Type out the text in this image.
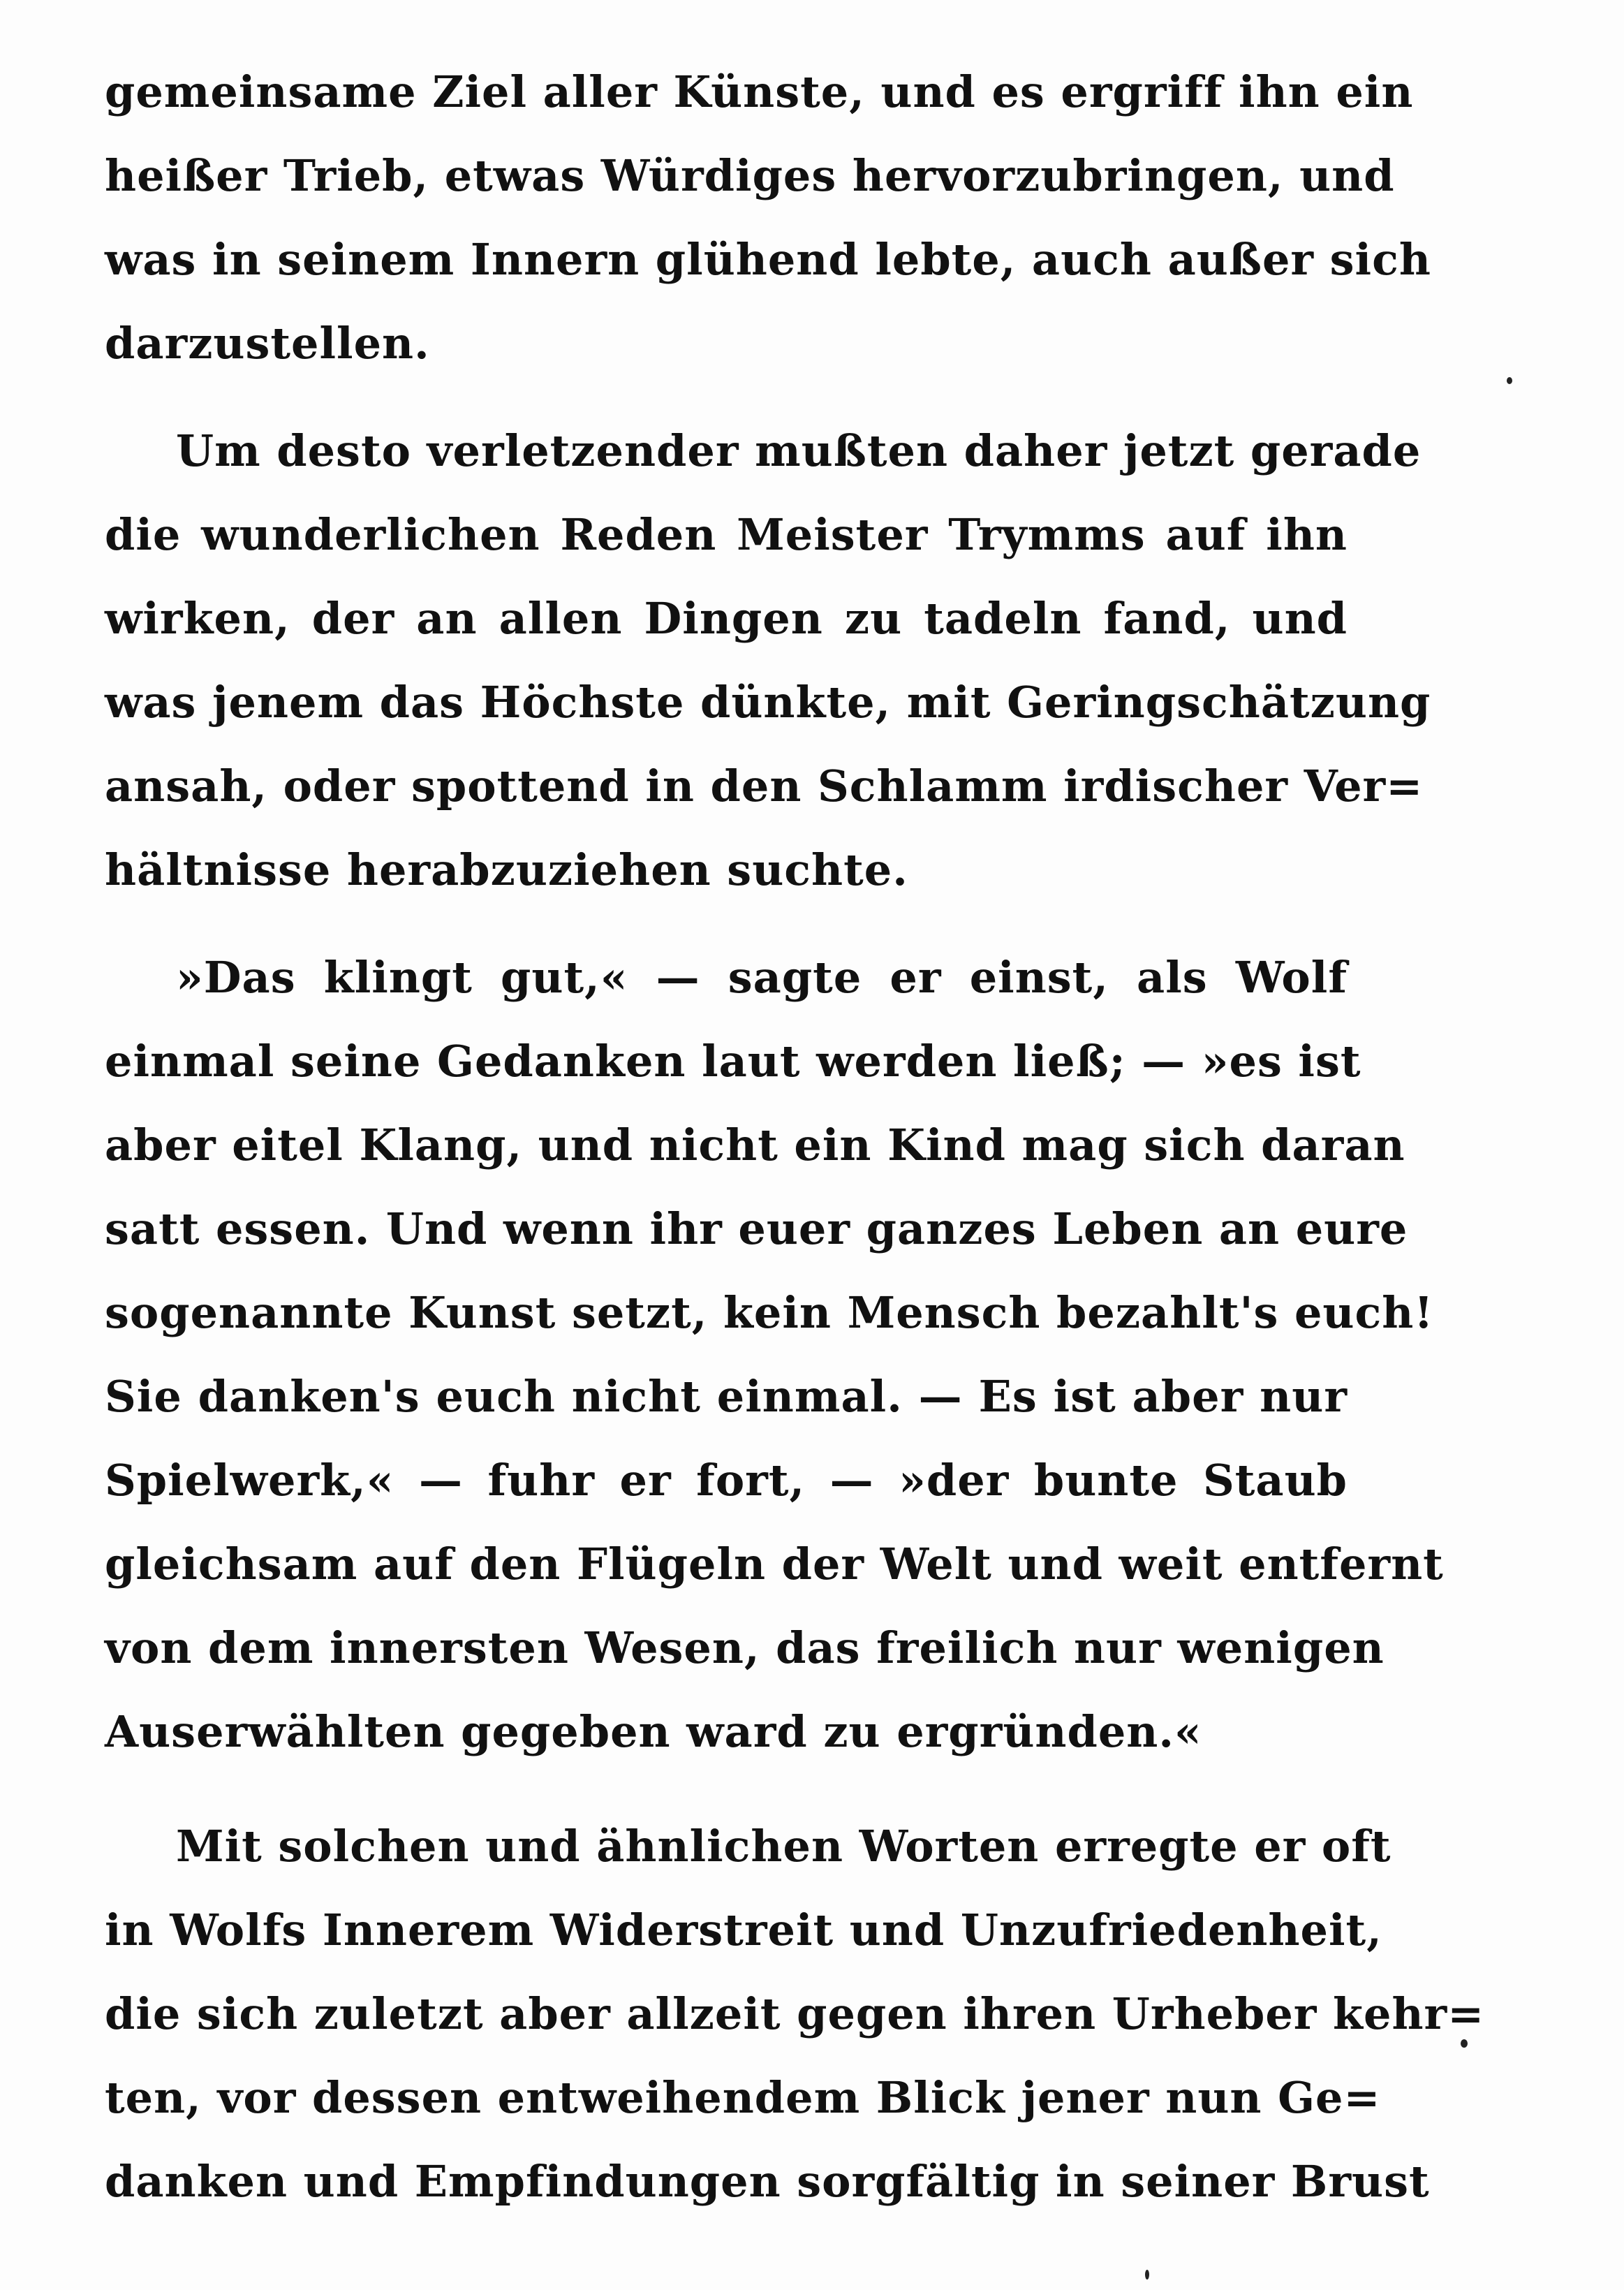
gemeinsame Ziel aller Künste, und es ergriff ihn ein
heißer Trieb, etwas Würdiges hervorzubringen, und
was in seinem Innern glühend lebte, auch außer sich
darzustellen.
Um desto verletzender mußten daher jetzt gerade
die wunderlichen Reden Meister Trymms auf ihn
wirken, der an allen Dingen zu tadeln fand, und
was jenem das Höchste dünkte, mit Geringschätzung
ansah, oder spottend in den Schlamm irdischer Ver=
hältnisse herabzuziehen suchte.
»Das klingt gut,« — sagte er einst, als Wolf
einmal seine Gedanken laut werden ließ; — »es ist
aber eitel Klang, und nicht ein Kind mag sich daran
satt essen. Und wenn ihr euer ganzes Leben an eure
sogenannte Kunst setzt, kein Mensch bezahlt's euch!
Sie danken's euch nicht einmal. — Es ist aber nur
Spielwerk,« — fuhr er fort, — »der bunte Staub
gleichsam auf den Flügeln der Welt und weit entfernt
von dem innersten Wesen, das freilich nur wenigen
Auserwählten gegeben ward zu ergründen.«
Mit solchen und ähnlichen Worten erregte er oft
in Wolfs Innerem Widerstreit und Unzufriedenheit,
die sich zuletzt aber allzeit gegen ihren Urheber kehr=
ten, vor dessen entweihendem Blick jener nun Ge=
danken und Empfindungen sorgfältig in seiner Brust
